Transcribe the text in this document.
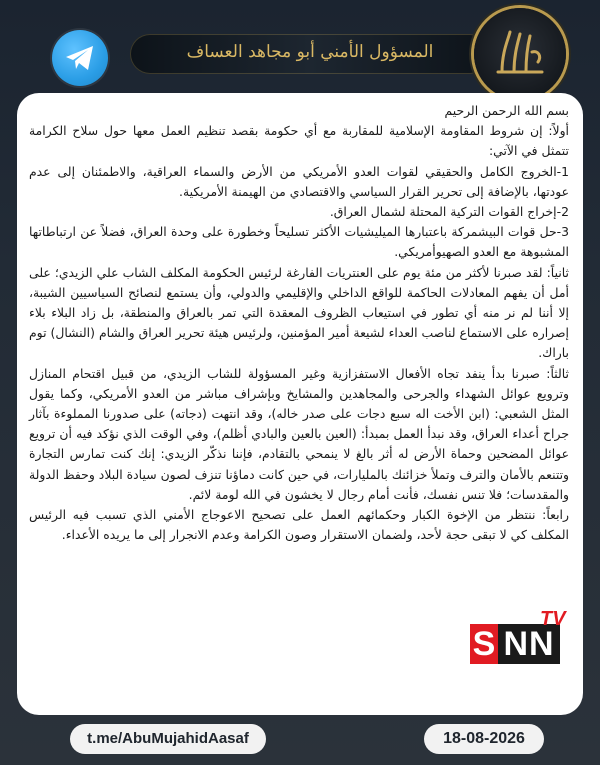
المسؤول الأمني أبو مجاهد العساف

بسم الله الرحمن الرحيم

أولاً: إن شروط المقاومة الإسلامية للمقاربة مع أي حكومة بقصد تنظيم العمل معها حول سلاح الكرامة تتمثل في الآتي:

1-الخروج الكامل والحقيقي لقوات العدو الأمريكي من الأرض والسماء العراقية، والاطمئنان إلى عدم عودتها، بالإضافة إلى تحرير القرار السياسي والاقتصادي من الهيمنة الأمريكية.

2-إخراج القوات التركية المحتلة لشمال العراق.

3-حل قوات البيشمركة باعتبارها الميليشيات الأكثر تسليحاً وخطورة على وحدة العراق، فضلاً عن ارتباطاتها المشبوهة مع العدو الصهيوأمريكي.

ثانياً: لقد صبرنا لأكثر من مئة يوم على العنتريات الفارغة لرئيس الحكومة المكلف الشاب علي الزيدي؛ على أمل أن يفهم المعادلات الحاكمة للواقع الداخلي والإقليمي والدولي، وأن يستمع لنصائح السياسيين الشيبة، إلا أننا لم نر منه أي تطور في استيعاب الظروف المعقدة التي تمر بالعراق والمنطقة، بل زاد البلاء بلاء إصراره على الاستماع لناصب العداء لشيعة أمير المؤمنين، ولرئيس هيئة تحرير العراق والشام (النشال) توم باراك.

ثالثاً: صبرنا بدأ ينفد تجاه الأفعال الاستفزازية وغير المسؤولة للشاب الزيدي، من قبيل اقتحام المنازل وترويع عوائل الشهداء والجرحى والمجاهدين والمشايخ وبإشراف مباشر من العدو الأمريكي، وكما يقول المثل الشعبي: (ابن الأخت اله سبع دجات على صدر خاله)، وقد انتهت (دجاته) على صدورنا المملوءة بآثار جراح أعداء العراق، وقد نبدأ العمل بمبدأ: (العين بالعين والبادي أظلم)، وفي الوقت الذي نؤكد فيه أن ترويع عوائل المضحين وحماة الأرض له أثر بالغ لا ينمحي بالتقادم، فإننا نذكّر الزيدي: إنك كنت تمارس التجارة وتتنعم بالأمان والترف وتملأ خزائنك بالمليارات، في حين كانت دماؤنا تنزف لصون سيادة البلاد وحفظ الدولة والمقدسات؛ فلا تنس نفسك، فأنت أمام رجال لا يخشون في الله لومة لائم.

رابعاً: ننتظر من الإخوة الكبار وحكمائهم العمل على تصحيح الاعوجاج الأمني الذي تسبب فيه الرئيس المكلف كي لا تبقى حجة لأحد، ولضمان الاستقرار وصون الكرامة وعدم الانجرار إلى ما يريده الأعداء.

S NN
TV
t.me/AbuMujahidAasaf	18-08-2026
